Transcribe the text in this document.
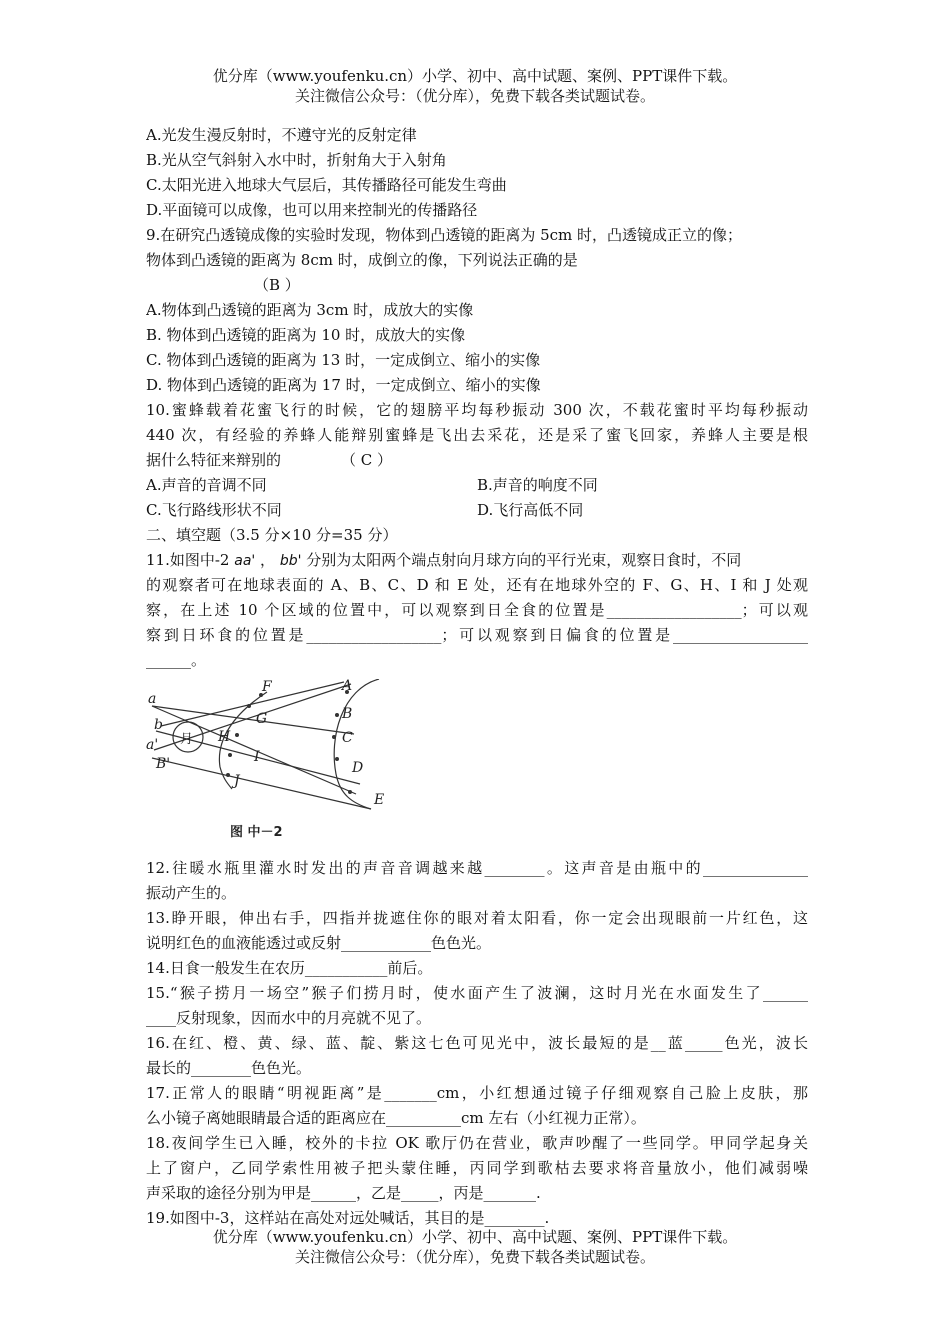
优分库（www.youfenku.cn）小学、初中、高中试题、案例、PPT课件下载。
关注微信公众号：（优分库），免费下载各类试题试卷。
A.光发生漫反射时，不遵守光的反射定律
B.光从空气斜射入水中时，折射角大于入射角
C.太阳光进入地球大气层后，其传播路径可能发生弯曲
D.平面镜可以成像，也可以用来控制光的传播路径
9.在研究凸透镜成像的实验时发现，物体到凸透镜的距离为 5cm 时，凸透镜成正立的像；
物体到凸透镜的距离为 8cm 时，成倒立的像，下列说法正确的是
（B ）
A.物体到凸透镜的距离为 3cm 时，成放大的实像
B. 物体到凸透镜的距离为 10 时，成放大的实像
C. 物体到凸透镜的距离为 13 时，一定成倒立、缩小的实像
D. 物体到凸透镜的距离为 17 时，一定成倒立、缩小的实像
10.蜜蜂载着花蜜飞行的时候，它的翅膀平均每秒振动 300 次，不载花蜜时平均每秒振动
440 次，有经验的养蜂人能辩别蜜蜂是飞出去采花，还是采了蜜飞回家，养蜂人主要是根
据什么特征来辩别的	（ C ）
A.声音的音调不同	B.声音的响度不同
C.飞行路线形状不同	D.飞行高低不同
二、填空题（3.5 分×10 分=35 分）
11.如图中-2 aa' ， bb' 分别为太阳两个端点射向月球方向的平行光束，观察日食时，不同
的观察者可在地球表面的 A、B、C、D 和 E 处，还有在地球外空的 F、G、H、I 和 J 处观
察，在上述 10 个区域的位置中，可以观察到日全食的位置是__________________；可以观
察到日环食的位置是__________________；可以观察到日偏食的位置是__________________
______。
a
b
a'
B'
F
G
H
I
J
A
B
C
D
E
月
图 中－2
12.往暖水瓶里灌水时发出的声音音调越来越________。这声音是由瓶中的______________
振动产生的。
13.睁开眼，伸出右手，四指并拢遮住你的眼对着太阳看，你一定会出现眼前一片红色，这
说明红色的血液能透过或反射____________色色光。
14.日食一般发生在农历___________前后。
15.“猴子捞月一场空”猴子们捞月时，使水面产生了波澜，这时月光在水面发生了______
____反射现象，因而水中的月亮就不见了。
16.在红、橙、黄、绿、蓝、靛、紫这七色可见光中，波长最短的是__蓝_____色光，波长
最长的________色色光。
17.正常人的眼睛“明视距离”是_______cm，小红想通过镜子仔细观察自己脸上皮肤，那
么小镜子离她眼睛最合适的距离应在__________cm 左右（小红视力正常）。
18.夜间学生已入睡，校外的卡拉 OK 歌厅仍在营业，歌声吵醒了一些同学。甲同学起身关
上了窗户，乙同学索性用被子把头蒙住睡，丙同学到歌枯去要求将音量放小，他们减弱噪
声采取的途径分别为甲是______，乙是_____，丙是_______.
19.如图中-3，这样站在高处对远处喊话，其目的是________.
优分库（www.youfenku.cn）小学、初中、高中试题、案例、PPT课件下载。
关注微信公众号：（优分库），免费下载各类试题试卷。
